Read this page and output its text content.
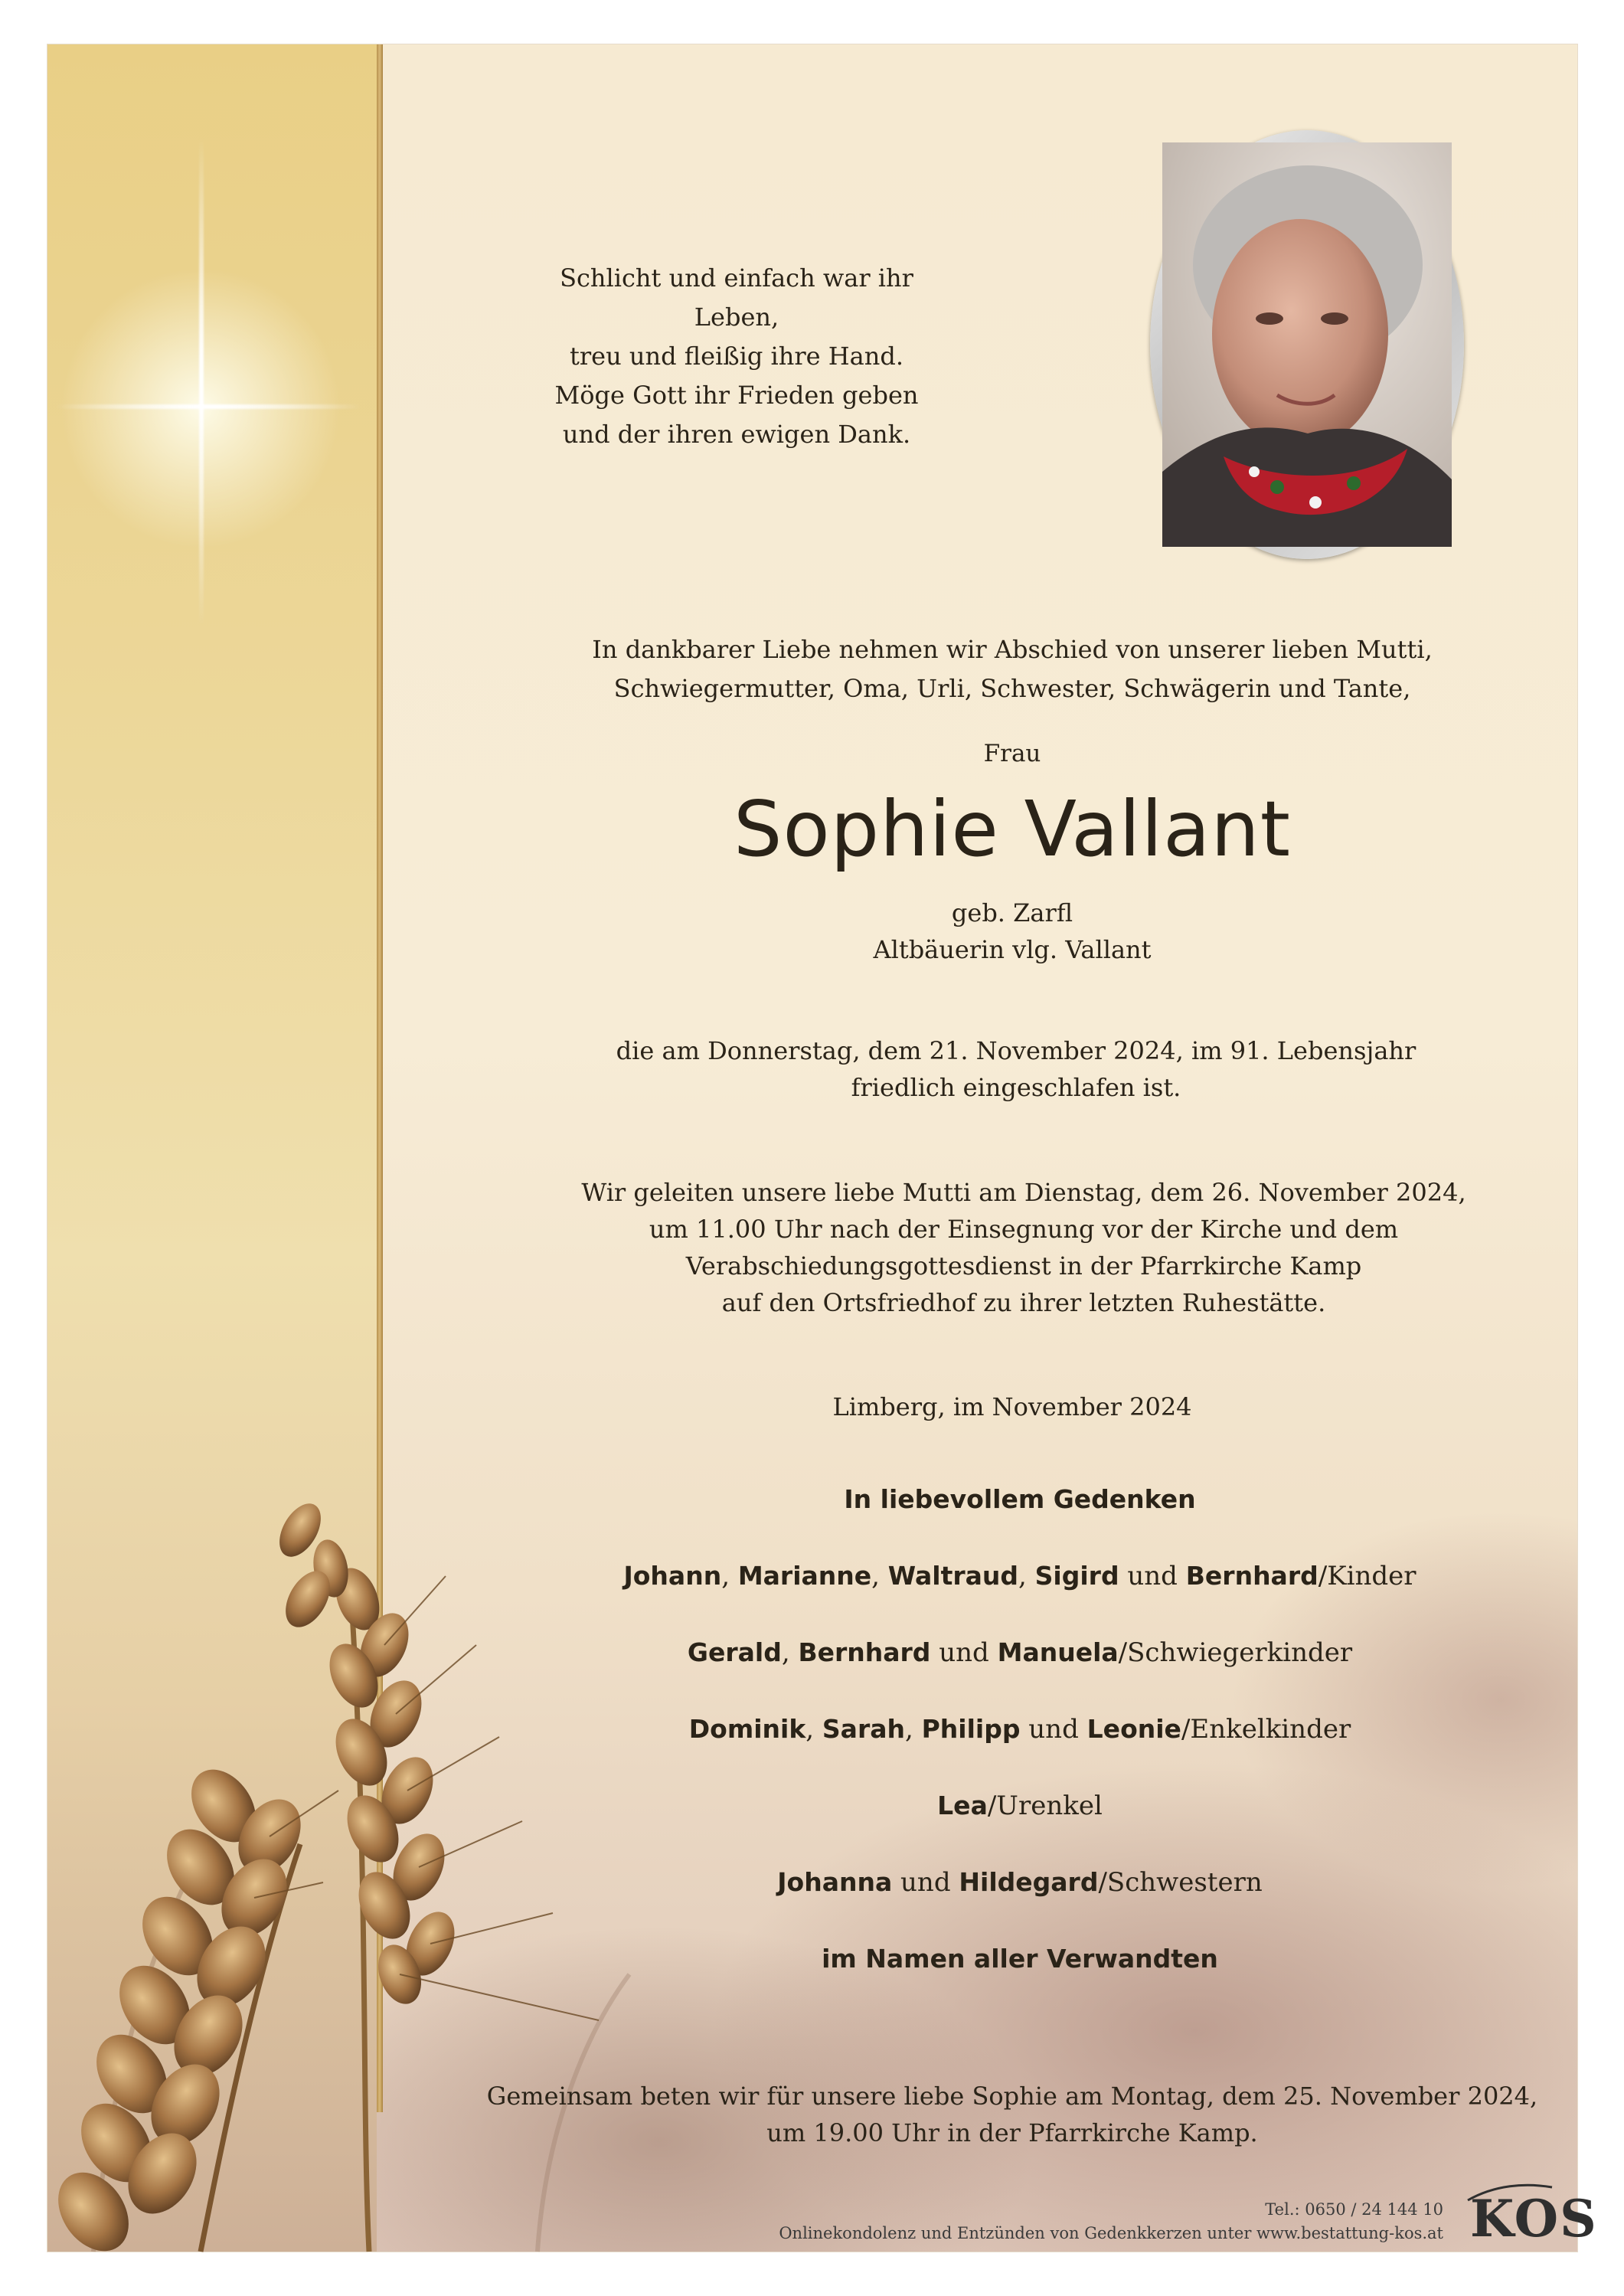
Schlicht und einfach war ihr Leben,
treu und fleißig ihre Hand.
Möge Gott ihr Frieden geben
und der ihren ewigen Dank.

In dankbarer Liebe nehmen wir Abschied von unserer lieben Mutti,
Schwiegermutter, Oma, Urli, Schwester, Schwägerin und Tante,

Frau

Sophie Vallant

geb. Zarfl
Altbäuerin vlg. Vallant

die am Donnerstag, dem 21. November 2024, im 91. Lebensjahr
friedlich eingeschlafen ist.

Wir geleiten unsere liebe Mutti am Dienstag, dem 26. November 2024,
um 11.00 Uhr nach der Einsegnung vor der Kirche und dem
Verabschiedungsgottesdienst in der Pfarrkirche Kamp
auf den Ortsfriedhof zu ihrer letzten Ruhestätte.

Limberg, im November 2024

In liebevollem Gedenken
Johann, Marianne, Waltraud, Sigird und Bernhard/Kinder
Gerald, Bernhard und Manuela/Schwiegerkinder
Dominik, Sarah, Philipp und Leonie/Enkelkinder
Lea/Urenkel
Johanna und Hildegard/Schwestern
im Namen aller Verwandten

Gemeinsam beten wir für unsere liebe Sophie am Montag, dem 25. November 2024,
um 19.00 Uhr in der Pfarrkirche Kamp.

Tel.: 0650 / 24 144 10
Onlinekondolenz und Entzünden von Gedenkkerzen unter www.bestattung-kos.at KOS
